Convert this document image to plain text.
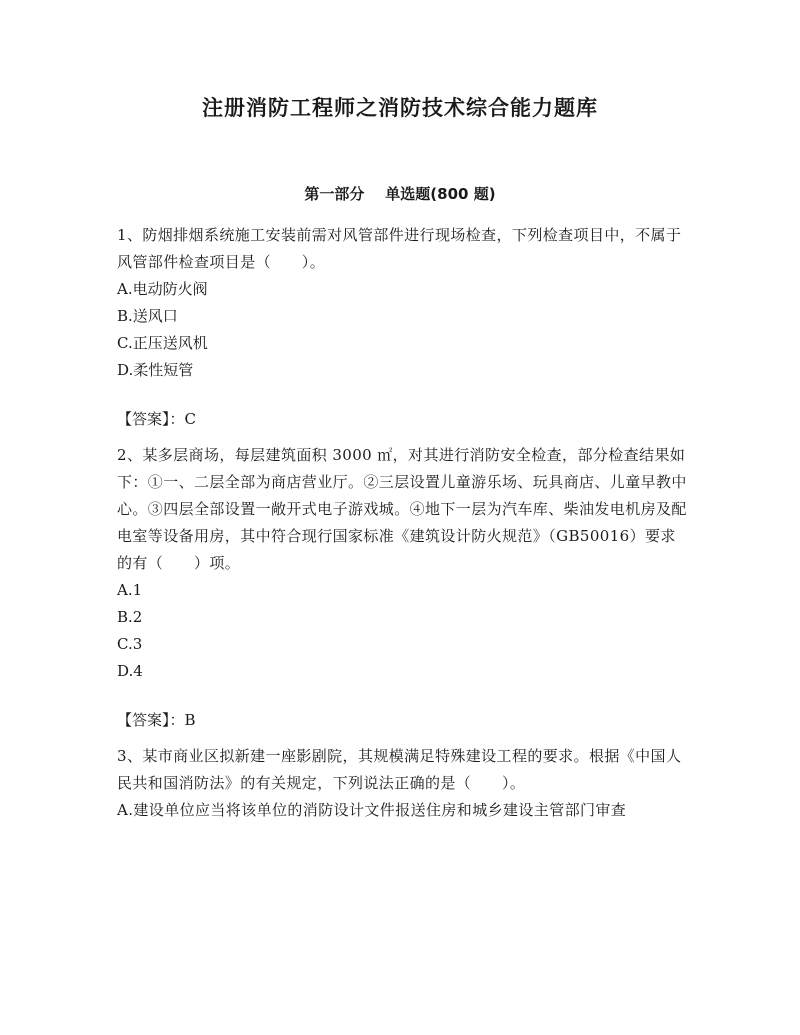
注册消防工程师之消防技术综合能力题库
第一部分    单选题(800 题)

1、防烟排烟系统施工安装前需对风管部件进行现场检查，下列检查项目中，不属于风管部件检查项目是（　　）。

A.电动防火阀

B.送风口

C.正压送风机

D.柔性短管

【答案】：C

2、某多层商场，每层建筑面积 3000 ㎡，对其进行消防安全检查，部分检查结果如下：①一、二层全部为商店营业厅。②三层设置儿童游乐场、玩具商店、儿童早教中心。③四层全部设置一敞开式电子游戏城。④地下一层为汽车库、柴油发电机房及配电室等设备用房，其中符合现行国家标准《建筑设计防火规范》（GB50016）要求的有（　　）项。

A.1

B.2

C.3

D.4

【答案】：B

3、某市商业区拟新建一座影剧院，其规模满足特殊建设工程的要求。根据《中国人民共和国消防法》的有关规定，下列说法正确的是（　　）。

A.建设单位应当将该单位的消防设计文件报送住房和城乡建设主管部门审查
